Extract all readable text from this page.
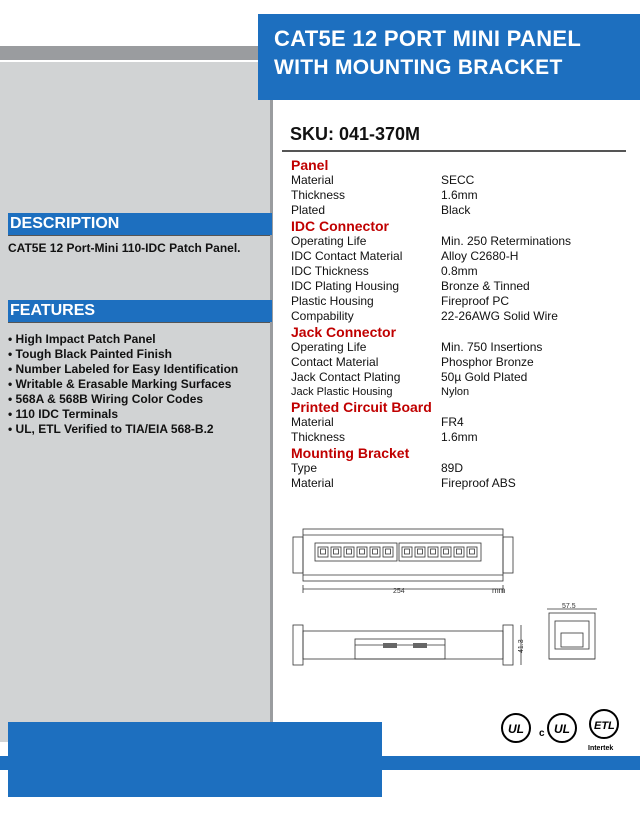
CAT5E 12 PORT MINI PANEL
WITH MOUNTING BRACKET
SKU: 041-370M
DESCRIPTION
CAT5E 12 Port-Mini 110-IDC Patch Panel.
FEATURES
• High Impact Patch Panel
• Tough Black Painted Finish
• Number Labeled for Easy Identification
• Writable & Erasable Marking Surfaces
• 568A & 568B Wiring Color Codes
• 110 IDC Terminals
• UL, ETL Verified to TIA/EIA 568-B.2
Panel
Material	SECC
Thickness	1.6mm
Plated	Black
IDC Connector
Operating Life	Min. 250 Reterminations
IDC Contact Material	Alloy C2680-H
IDC Thickness	0.8mm
IDC Plating Housing	Bronze & Tinned
Plastic Housing	Fireproof PC
Compability	22-26AWG Solid Wire
Jack Connector
Operating Life	Min. 750 Insertions
Contact Material	Phosphor Bronze
Jack Contact Plating	50µ Gold Plated
Jack Plastic Housing	Nylon
Printed Circuit Board
Material	FR4
Thickness	1.6mm
Mounting Bracket
Type	89D
Material	Fireproof ABS
254	mm
41.3
57.5
UL c UL ETL
Intertek
